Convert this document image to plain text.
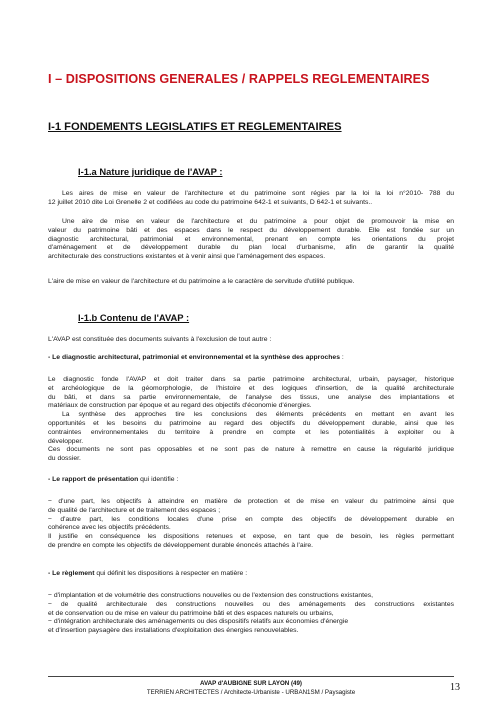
I – DISPOSITIONS GENERALES / RAPPELS REGLEMENTAIRES
I-1 FONDEMENTS LEGISLATIFS ET REGLEMENTAIRES
I-1.a Nature juridique de l'AVAP :
Les aires de mise en valeur de l'architecture et du patrimoine sont régies par la loi la loi n°2010- 788 du
12 juillet 2010 dite Loi Grenelle 2 et codifiées au code du patrimoine 642-1 et suivants, D 642-1 et suivants..
Une aire de mise en valeur de l'architecture et du patrimoine a pour objet de promouvoir la mise en
valeur du patrimoine bâti et des espaces dans le respect du développement durable. Elle est fondée sur un
diagnostic architectural, patrimonial et environnemental, prenant en compte les orientations du projet
d'aménagement et de développement durable du plan local d'urbanisme, afin de garantir la qualité
architecturale des constructions existantes et à venir ainsi que l'aménagement des espaces.
L'aire de mise en valeur de l'architecture et du patrimoine a le caractère de servitude d'utilité publique.
I-1.b Contenu de l'AVAP :
L'AVAP est constituée des documents suivants à l'exclusion de tout autre :
- Le diagnostic architectural, patrimonial et environnemental et la synthèse des approches :
Le diagnostic fonde l'AVAP et doit traiter dans sa partie patrimoine architectural, urbain, paysager, historique
et archéologique de la géomorphologie, de l'histoire et des logiques d'insertion, de la qualité architecturale
du bâti, et dans sa partie environnementale, de l'analyse des tissus, une analyse des implantations et
matériaux de construction par époque et au regard des objectifs d'économie d'énergies.
La synthèse des approches tire les conclusions des éléments précédents en mettant en avant les
opportunités et les besoins du patrimoine au regard des objectifs du développement durable, ainsi que les
contraintes environnementales du territoire à prendre en compte et les potentialités à exploiter ou à
développer.
Ces documents ne sont pas opposables et ne sont pas de nature à remettre en cause la régularité juridique
du dossier.
- Le rapport de présentation qui identifie :
− d'une part, les objectifs à atteindre en matière de protection et de mise en valeur du patrimoine ainsi que
de qualité de l'architecture et de traitement des espaces ;
− d'autre part, les conditions locales d'une prise en compte des objectifs de développement durable en
cohérence avec les objectifs précédents.
Il justifie en conséquence les dispositions retenues et expose, en tant que de besoin, les règles permettant
de prendre en compte les objectifs de développement durable énoncés attachés à l'aire.
- Le règlement qui définit les dispositions à respecter en matière :
− d'implantation et de volumétrie des constructions nouvelles ou de l'extension des constructions existantes,
− de qualité architecturale des constructions nouvelles ou des aménagements des constructions existantes
et de conservation ou de mise en valeur du patrimoine bâti et des espaces naturels ou urbains,
− d'intégration architecturale des aménagements ou des dispositifs relatifs aux économies d'énergie
et d'insertion paysagère des installations d'exploitation des énergies renouvelables.
AVAP d'AUBIGNE SUR LAYON (49)
TERRIEN ARCHITECTES / Architecte-Urbaniste - URBAN1SM / Paysagiste	13
